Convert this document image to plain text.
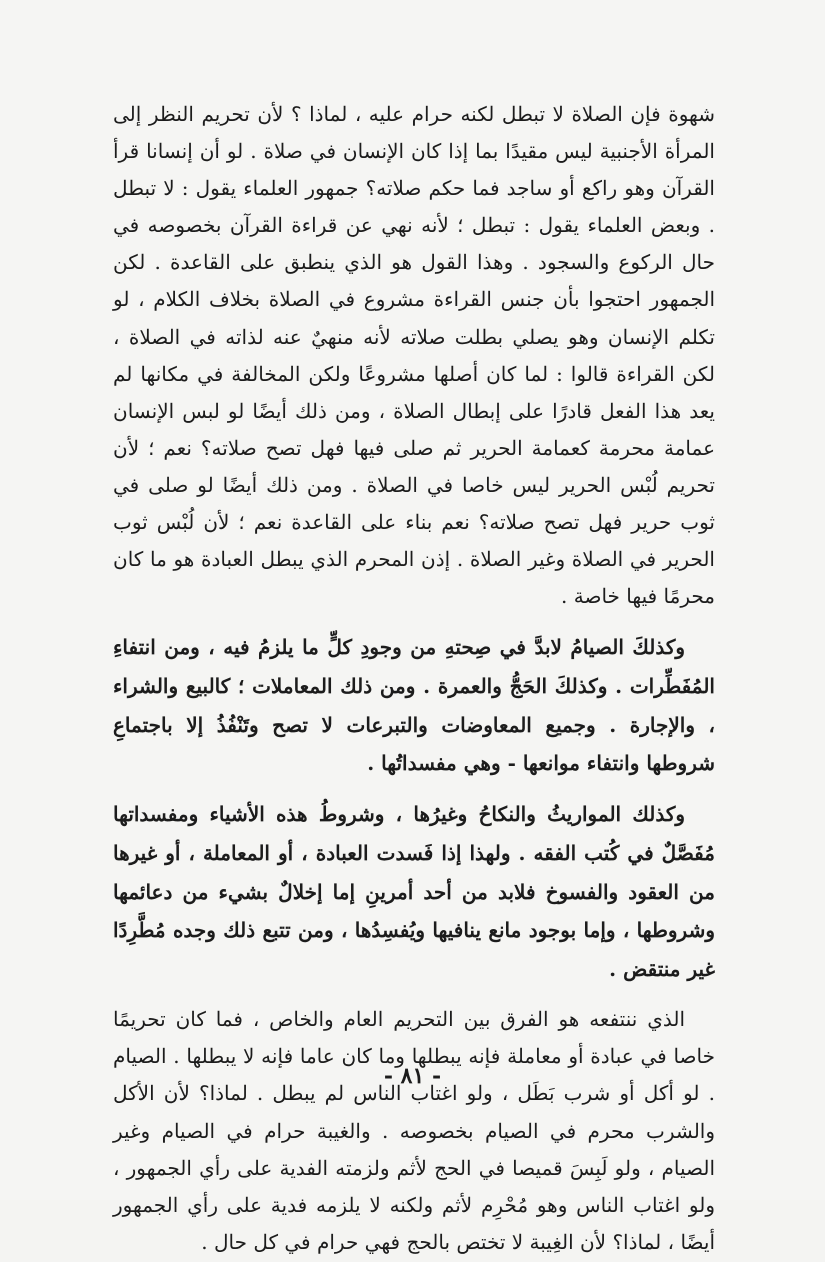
شهوة فإن الصلاة لا تبطل لكنه حرام عليه ، لماذا ؟ لأن تحريم النظر إلى المرأة الأجنبية ليس مقيدًا بما إذا كان الإنسان في صلاة . لو أن إنسانا قرأ القرآن وهو راكع أو ساجد فما حكم صلاته؟ جمهور العلماء يقول : لا تبطل . وبعض العلماء يقول : تبطل ؛ لأنه نهي عن قراءة القرآن بخصوصه في حال الركوع والسجود . وهذا القول هو الذي ينطبق على القاعدة . لكن الجمهور احتجوا بأن جنس القراءة مشروع في الصلاة بخلاف الكلام ، لو تكلم الإنسان وهو يصلي بطلت صلاته لأنه منهيٌ عنه لذاته في الصلاة ، لكن القراءة قالوا : لما كان أصلها مشروعًا ولكن المخالفة في مكانها لم يعد هذا الفعل قادرًا على إبطال الصلاة ، ومن ذلك أيضًا لو لبس الإنسان عمامة محرمة كعمامة الحرير ثم صلى فيها فهل تصح صلاته؟ نعم ؛ لأن تحريم لُبْس الحرير ليس خاصا في الصلاة . ومن ذلك أيضًا لو صلى في ثوب حرير فهل تصح صلاته؟ نعم بناء على القاعدة نعم ؛ لأن لُبْس ثوب الحرير في الصلاة وغير الصلاة . إذن المحرم الذي يبطل العبادة هو ما كان محرمًا فيها خاصة .

وكذلكَ الصيامُ لابدَّ في صِحتهِ من وجودِ كلٍّ ما يلزمُ فيه ، ومن انتفاءِ المُفَطِّرات . وكذلكَ الحَجُّ والعمرة . ومن ذلك المعاملات ؛ كالبيع والشراء ، والإجارة . وجميع المعاوضات والتبرعات لا تصح وتَنْفُذُ إلا باجتماعِ شروطها وانتفاء موانعها - وهي مفسداتُها .

وكذلك المواريثُ والنكاحُ وغيرُها ، وشروطُ هذه الأشياء ومفسداتها مُفَصَّلٌ في كُتب الفقه . ولهذا إذا فَسدت العبادة ، أو المعاملة ، أو غيرها من العقود والفسوخ فلابد من أحد أمرينِ إما إخلالٌ بشيء من دعائمها وشروطها ، وإما بوجود مانع ينافيها ويُفسِدُها ، ومن تتبع ذلك وجده مُطَّرِدًا غير منتقض .

الذي ننتفعه هو الفرق بين التحريم العام والخاص ، فما كان تحريمًا خاصا في عبادة أو معاملة فإنه يبطلها وما كان عاما فإنه لا يبطلها . الصيام . لو أكل أو شرب بَطَل ، ولو اغتاب الناس لم يبطل . لماذا؟ لأن الأكل والشرب محرم في الصيام بخصوصه . والغيبة حرام في الصيام وغير الصيام ، ولو لَبِسَ قميصا في الحج لأثم ولزمته الفدية على رأي الجمهور ، ولو اغتاب الناس وهو مُحْرِم لأثم ولكنه لا يلزمه فدية على رأي الجمهور أيضًا ، لماذا؟ لأن الغِيبة لا تختص بالحج فهي حرام في كل حال .

- ٨١ -
